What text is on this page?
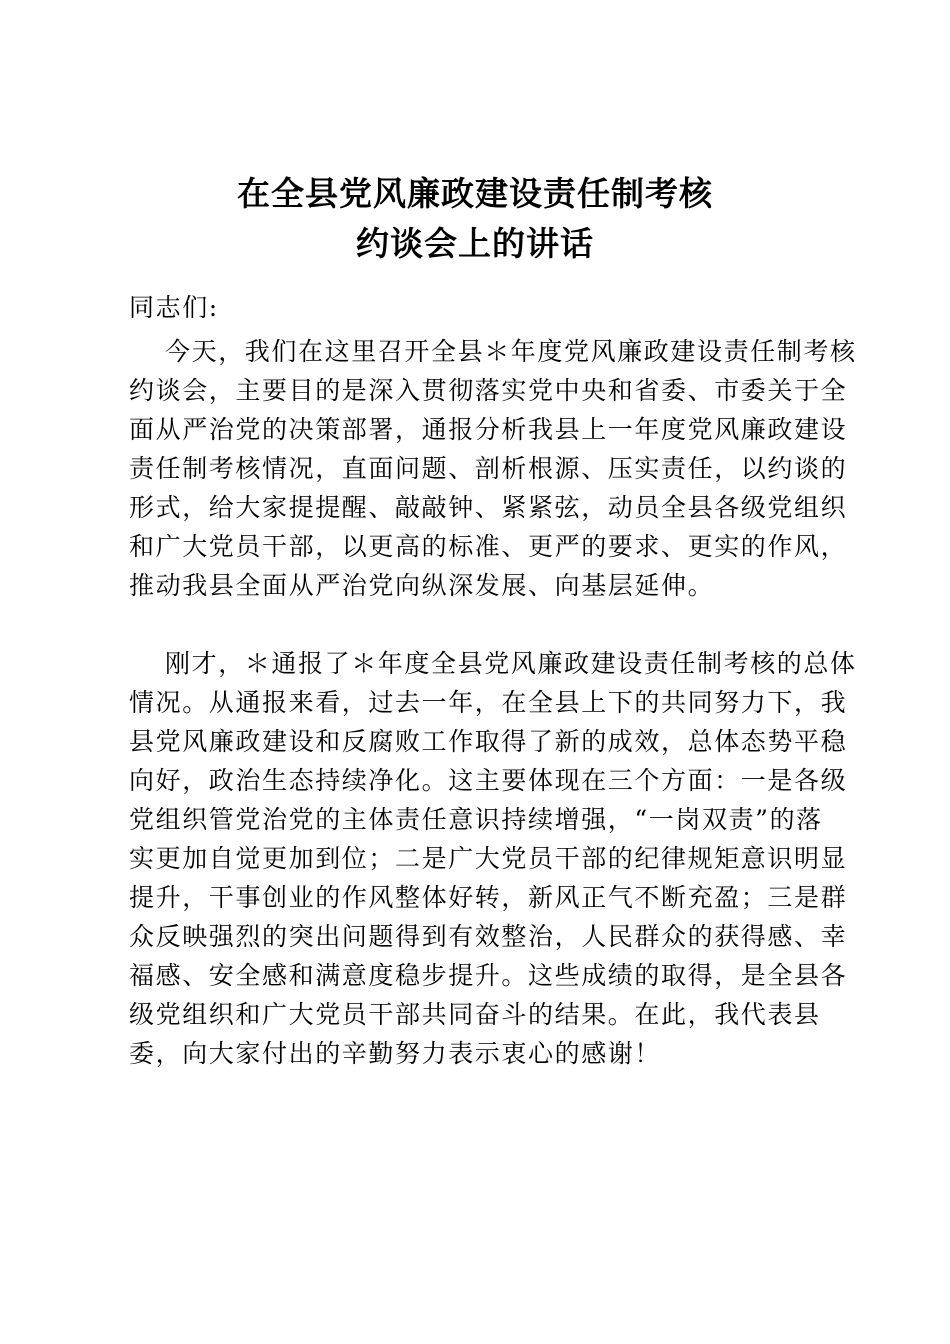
在全县党风廉政建设责任制考核
约谈会上的讲话

同志们:

今天，我们在这里召开全县＊年度党风廉政建设责任制考核
约谈会，主要目的是深入贯彻落实党中央和省委、市委关于全
面从严治党的决策部署，通报分析我县上一年度党风廉政建设
责任制考核情况，直面问题、剖析根源、压实责任，以约谈的
形式，给大家提提醒、敲敲钟、紧紧弦，动员全县各级党组织
和广大党员干部，以更高的标准、更严的要求、更实的作风，
推动我县全面从严治党向纵深发展、向基层延伸。
刚才，＊通报了＊年度全县党风廉政建设责任制考核的总体
情况。从通报来看，过去一年，在全县上下的共同努力下，我
县党风廉政建设和反腐败工作取得了新的成效，总体态势平稳
向好，政治生态持续净化。这主要体现在三个方面：一是各级
党组织管党治党的主体责任意识持续增强，“一岗双责”的落
实更加自觉更加到位；二是广大党员干部的纪律规矩意识明显
提升，干事创业的作风整体好转，新风正气不断充盈；三是群
众反映强烈的突出问题得到有效整治，人民群众的获得感、幸
福感、安全感和满意度稳步提升。这些成绩的取得，是全县各
级党组织和广大党员干部共同奋斗的结果。在此，我代表县
委，向大家付出的辛勤努力表示衷心的感谢！
